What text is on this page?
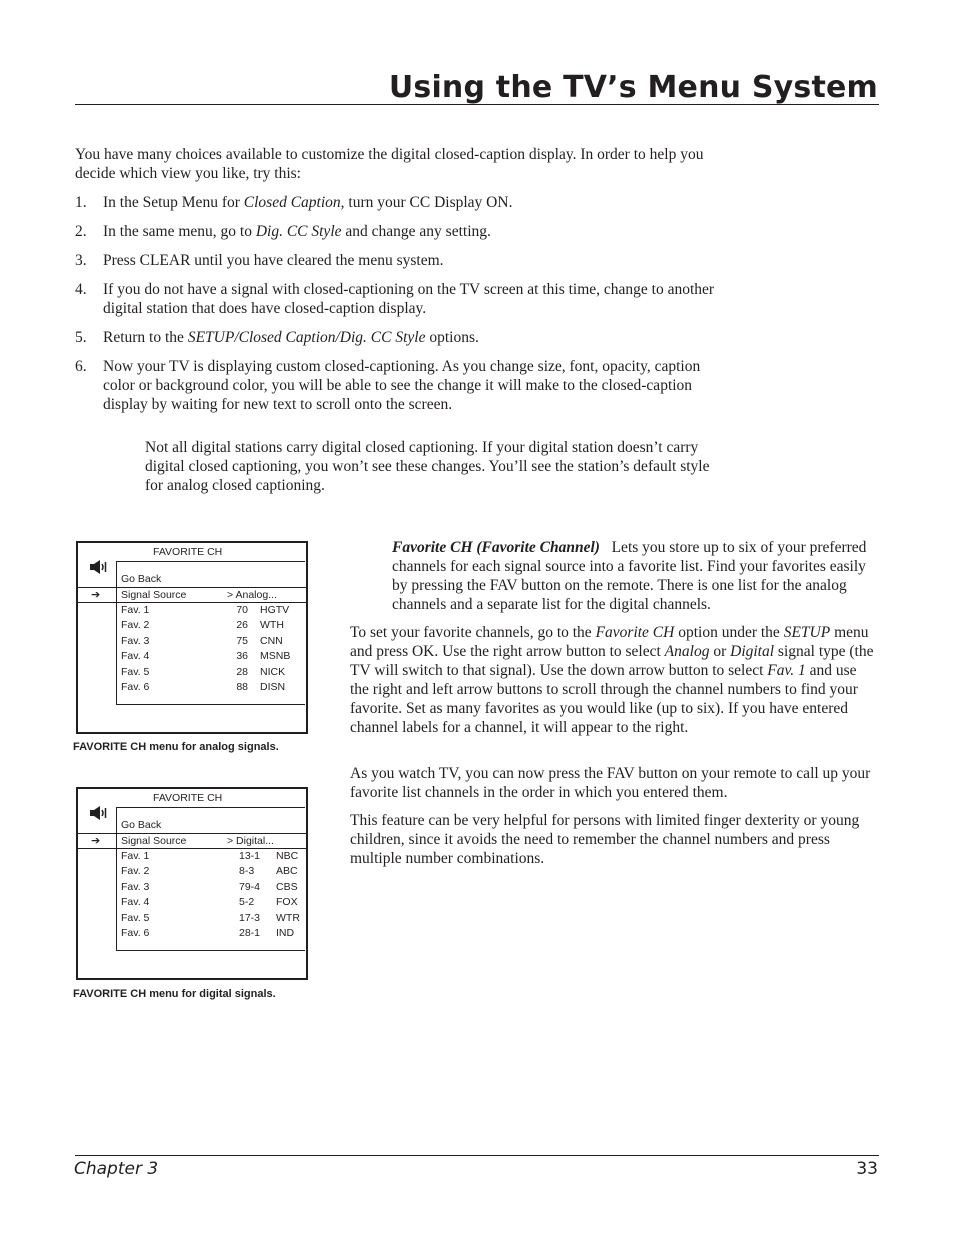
Using the TV’s Menu System

You have many choices available to customize the digital closed-caption display. In order to help you decide which view you like, try this:

1. In the Setup Menu for Closed Caption, turn your CC Display ON.
2. In the same menu, go to Dig. CC Style and change any setting.
3. Press CLEAR until you have cleared the menu system.
4. If you do not have a signal with closed-captioning on the TV screen at this time, change to another digital station that does have closed-caption display.
5. Return to the SETUP/Closed Caption/Dig. CC Style options.
6. Now your TV is displaying custom closed-captioning. As you change size, font, opacity, caption color or background color, you will be able to see the change it will make to the closed-caption display by waiting for new text to scroll onto the screen.

Not all digital stations carry digital closed captioning. If your digital station doesn’t carry digital closed captioning, you won’t see these changes. You’ll see the station’s default style for analog closed captioning.

FAVORITE CH
Go Back
➔ Signal Source	> Analog...
Fav. 1	70 HGTV
Fav. 2	26 WTH
Fav. 3	75 CNN
Fav. 4	36 MSNB
Fav. 5	28 NICK
Fav. 6	88 DISN
FAVORITE CH menu for analog signals.
FAVORITE CH
Go Back
➔ Signal Source	> Digital...
Fav. 1	13-1 NBC
Fav. 2	8-3 ABC
Fav. 3	79-4 CBS
Fav. 4	5-2 FOX
Fav. 5	17-3 WTR
Fav. 6	28-1 IND
FAVORITE CH menu for digital signals.

Favorite CH (Favorite Channel) Lets you store up to six of your preferred channels for each signal source into a favorite list. Find your favorites easily by pressing the FAV button on the remote. There is one list for the analog channels and a separate list for the digital channels.

To set your favorite channels, go to the Favorite CH option under the SETUP menu and press OK. Use the right arrow button to select Analog or Digital signal type (the TV will switch to that signal). Use the down arrow button to select Fav. 1 and use the right and left arrow buttons to scroll through the channel numbers to find your favorite. Set as many favorites as you would like (up to six). If you have entered channel labels for a channel, it will appear to the right.

As you watch TV, you can now press the FAV button on your remote to call up your favorite list channels in the order in which you entered them.

This feature can be very helpful for persons with limited finger dexterity or young children, since it avoids the need to remember the channel numbers and press multiple number combinations.

Chapter 3	33
